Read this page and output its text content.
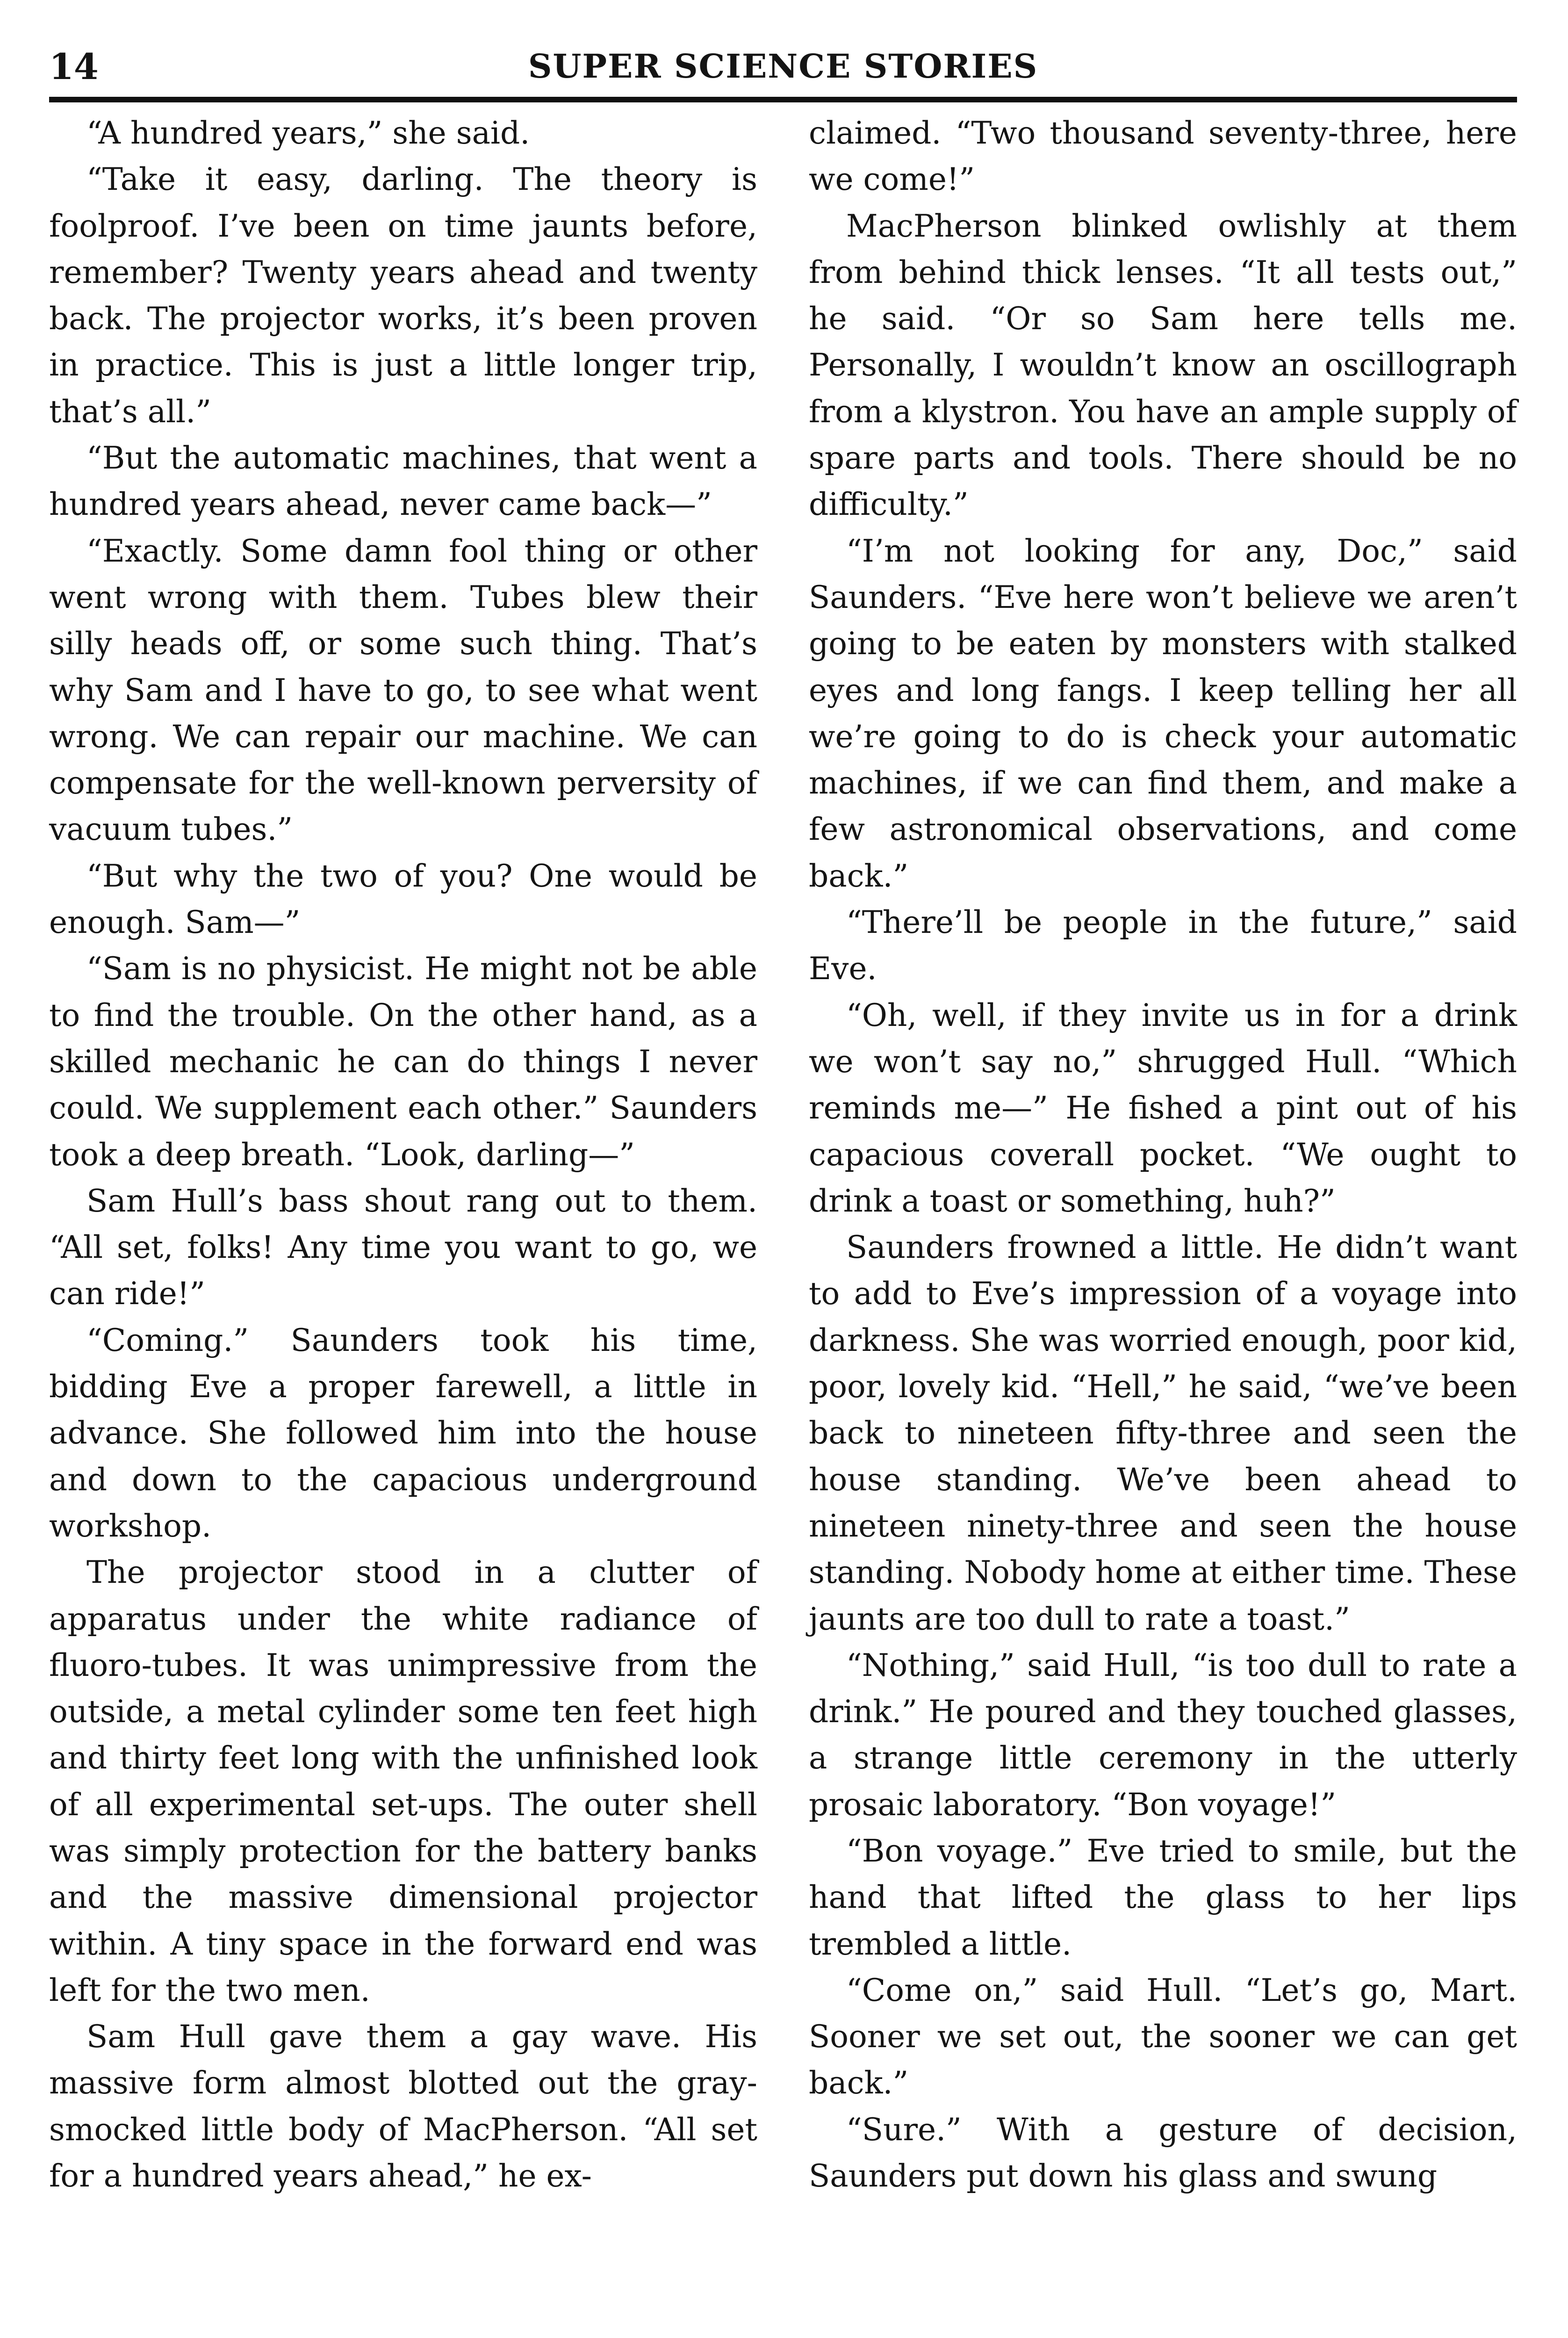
14	SUPER SCIENCE STORIES

“A hundred years,” she said.

“Take it easy, darling. The theory is foolproof. I’ve been on time jaunts before, remember? Twenty years ahead and twenty back. The projector works, it’s been proven in practice. This is just a little longer trip, that’s all.”

“But the automatic machines, that went a hundred years ahead, never came back—”

“Exactly. Some damn fool thing or other went wrong with them. Tubes blew their silly heads off, or some such thing. That’s why Sam and I have to go, to see what went wrong. We can repair our machine. We can compensate for the well-known perversity of vacuum tubes.”

“But why the two of you? One would be enough. Sam—”

“Sam is no physicist. He might not be able to find the trouble. On the other hand, as a skilled mechanic he can do things I never could. We supplement each other.” Saunders took a deep breath. “Look, darling—”

Sam Hull’s bass shout rang out to them. “All set, folks! Any time you want to go, we can ride!”

“Coming.” Saunders took his time, bidding Eve a proper farewell, a little in advance. She followed him into the house and down to the capacious underground workshop.

The projector stood in a clutter of apparatus under the white radiance of fluoro-tubes. It was unimpressive from the outside, a metal cylinder some ten feet high and thirty feet long with the unfinished look of all experimental set-ups. The outer shell was simply protection for the battery banks and the massive dimensional projector within. A tiny space in the forward end was left for the two men.

Sam Hull gave them a gay wave. His massive form almost blotted out the gray-smocked little body of MacPherson. “All set for a hundred years ahead,” he ex-

claimed. “Two thousand seventy-three, here we come!”

MacPherson blinked owlishly at them from behind thick lenses. “It all tests out,” he said. “Or so Sam here tells me. Personally, I wouldn’t know an oscillograph from a klystron. You have an ample supply of spare parts and tools. There should be no difficulty.”

“I’m not looking for any, Doc,” said Saunders. “Eve here won’t believe we aren’t going to be eaten by monsters with stalked eyes and long fangs. I keep telling her all we’re going to do is check your automatic machines, if we can find them, and make a few astronomical observations, and come back.”

“There’ll be people in the future,” said Eve.

“Oh, well, if they invite us in for a drink we won’t say no,” shrugged Hull. “Which reminds me—” He fished a pint out of his capacious coverall pocket. “We ought to drink a toast or something, huh?”

Saunders frowned a little. He didn’t want to add to Eve’s impression of a voyage into darkness. She was worried enough, poor kid, poor, lovely kid. “Hell,” he said, “we’ve been back to nineteen fifty-three and seen the house standing. We’ve been ahead to nineteen ninety-three and seen the house standing. Nobody home at either time. These jaunts are too dull to rate a toast.”

“Nothing,” said Hull, “is too dull to rate a drink.” He poured and they touched glasses, a strange little ceremony in the utterly prosaic laboratory. “Bon voyage!”

“Bon voyage.” Eve tried to smile, but the hand that lifted the glass to her lips trembled a little.

“Come on,” said Hull. “Let’s go, Mart. Sooner we set out, the sooner we can get back.”

“Sure.” With a gesture of decision, Saunders put down his glass and swung
